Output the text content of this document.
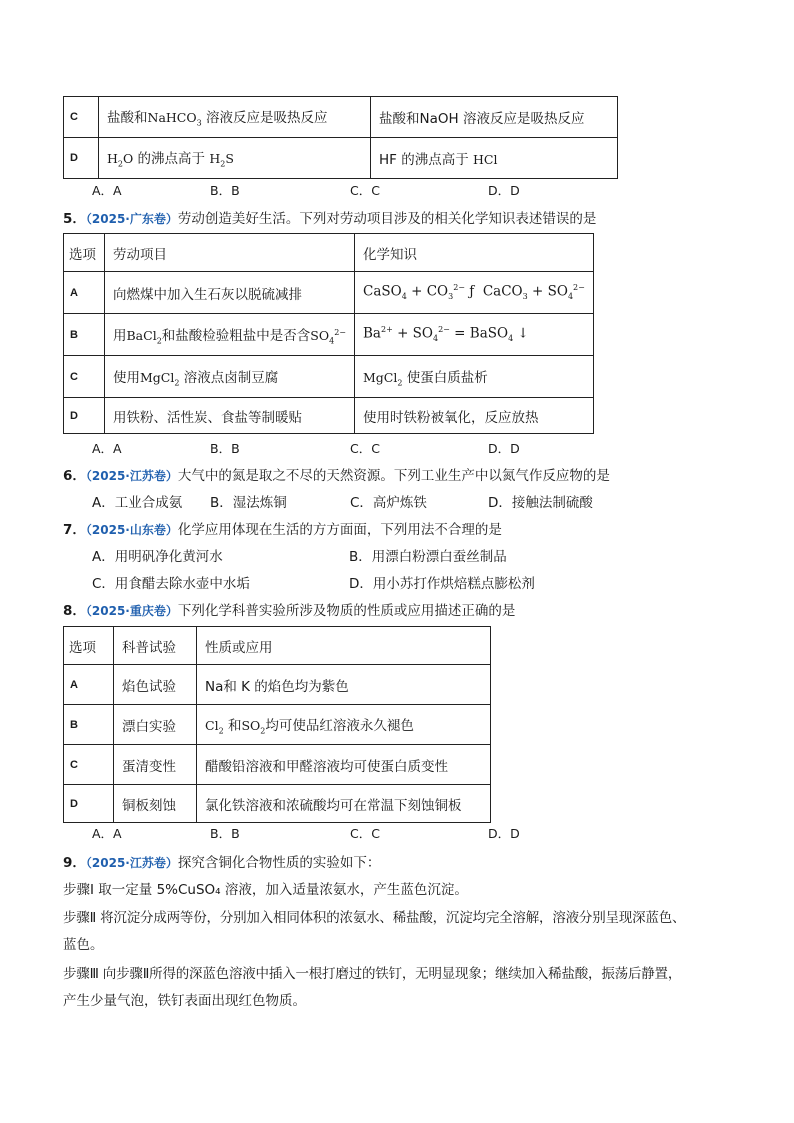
C	盐酸和NaHCO$_3$ 溶液反应是吸热反应	盐酸和NaOH 溶液反应是吸热反应
D	$H_2O$ 的沸点高于 $H_2S$	HF 的沸点高于 HCl
A．A	B．B	C．C	D．D
5．（2025·广东卷）劳动创造美好生活。下列对劳动项目涉及的相关化学知识表述错误的是
选项	劳动项目	化学知识
A	向燃煤中加入生石灰以脱硫减排	CaSO$_4$ + $CO_3^{2-}$ ƒ  CaCO$_3$ + $SO_4^{2-}$
B	用BaCl$_2$和盐酸检验粗盐中是否含$SO_4^{2-}$	$Ba^{2+} + SO_4^{2-}$ = BaSO$_4$ ↓
C	使用MgCl$_2$ 溶液点卤制豆腐	MgCl$_2$ 使蛋白质盐析
D	用铁粉、活性炭、食盐等制暖贴	使用时铁粉被氧化，反应放热
A．A	B．B	C．C	D．D
6．（2025·江苏卷）大气中的氮是取之不尽的天然资源。下列工业生产中以氮气作反应物的是
A．工业合成氨	B．湿法炼铜	C．高炉炼铁	D．接触法制硫酸
7．（2025·山东卷）化学应用体现在生活的方方面面，下列用法不合理的是
A．用明矾净化黄河水	B．用漂白粉漂白蚕丝制品
C．用食醋去除水壶中水垢	D．用小苏打作烘焙糕点膨松剂
8．（2025·重庆卷）下列化学科普实验所涉及物质的性质或应用描述正确的是
选项	科普试验	性质或应用
A	焰色试验	Na和 K 的焰色均为紫色
B	漂白实验	$Cl_2$ 和$SO_2$均可使品红溶液永久褪色
C	蛋清变性	醋酸铅溶液和甲醛溶液均可使蛋白质变性
D	铜板刻蚀	氯化铁溶液和浓硫酸均可在常温下刻蚀铜板
A．A	B．B	C．C	D．D
9．（2025·江苏卷）探究含铜化合物性质的实验如下：
步骤Ⅰ 取一定量 5%CuSO₄ 溶液，加入适量浓氨水，产生蓝色沉淀。
步骤Ⅱ 将沉淀分成两等份，分别加入相同体积的浓氨水、稀盐酸，沉淀均完全溶解，溶液分别呈现深蓝色、
蓝色。
步骤Ⅲ 向步骤Ⅱ所得的深蓝色溶液中插入一根打磨过的铁钉，无明显现象；继续加入稀盐酸，振荡后静置，
产生少量气泡，铁钉表面出现红色物质。
